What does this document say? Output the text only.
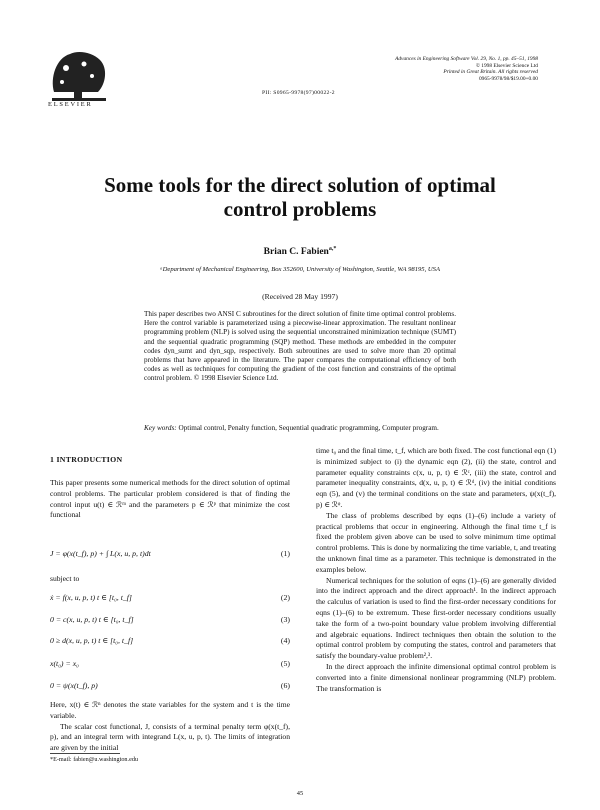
ELSEVIER
Advances in Engineering Software Vol. 29, No. 1, pp. 45–51, 1998
© 1998 Elsevier Science Ltd
Printed in Great Britain. All rights reserved
0965-9978/98/$19.00+0.00
PII: S0965-9978(97)00022-2
Some tools for the direct solution of optimal
control problems
Brian C. Fabien$^{a,*}$
ᵃDepartment of Mechanical Engineering, Box 352600, University of Washington, Seattle, WA 98195, USA
(Received 28 May 1997)
This paper describes two ANSI C subroutines for the direct solution of finite time optimal control problems. Here the control variable is parameterized using a piecewise-linear approximation. The resultant nonlinear programming problem (NLP) is solved using the sequential unconstrained minimization technique (SUMT) and the sequential quadratic programming (SQP) method. These methods are embedded in the computer codes dyn_sumt and dyn_sqp, respectively. Both subroutines are used to solve more than 20 optimal problems that have appeared in the literature. The paper compares the computational efficiency of both codes as well as techniques for computing the gradient of the cost function and constraints of the optimal control problem. © 1998 Elsevier Science Ltd.
Key words: Optimal control, Penalty function, Sequential quadratic programming, Computer program.
1 INTRODUCTION

This paper presents some numerical methods for the direct solution of optimal control problems. The particular problem considered is that of finding the control input u(t) ∈ ℛᵐ and the parameters p ∈ ℛᵖ that minimize the cost functional

J = φ(x(t_f), p) + ∫ L(x, u, p, t)dt	(1)
subject to
ẋ = f(x, u, p, t) t ∈ [t₀, t_f]	(2)
0 = c(x, u, p, t) t ∈ [t₀, t_f]	(3)
0 ≥ d(x, u, p, t) t ∈ [t₀, t_f]	(4)
x(t₀) = x₀	(5)
0 = ψ(x(t_f), p)	(6)

Here, x(t) ∈ ℛⁿ denotes the state variables for the system and t is the time variable.

The scalar cost functional, J, consists of a terminal penalty term φ(x(t_f), p), and an integral term with integrand L(x, u, p, t). The limits of integration are given by the initial

*E-mail: fabien@u.washington.edu

time t₀ and the final time, t_f, which are both fixed. The cost functional eqn (1) is minimized subject to (i) the dynamic eqn (2), (ii) the state, control and parameter equality constraints c(x, u, p, t) ∈ ℛᶜ, (iii) the state, control and parameter inequality constraints, d(x, u, p, t) ∈ ℛᵈ, (iv) the initial conditions eqn (5), and (v) the terminal conditions on the state and parameters, ψ(x(t_f), p) ∈ ℛᵠ.

The class of problems described by eqns (1)–(6) include a variety of practical problems that occur in engineering. Although the final time t_f is fixed the problem given above can be used to solve minimum time optimal control problems. This is done by normalizing the time variable, t, and treating the unknown final time as a parameter. This technique is demonstrated in the examples below.

Numerical techniques for the solution of eqns (1)–(6) are generally divided into the indirect approach and the direct approach¹. In the indirect approach the calculus of variation is used to find the first-order necessary conditions for eqns (1)–(6) to be extremum. These first-order necessary conditions usually take the form of a two-point boundary value problem involving differential and algebraic equations. Indirect techniques then obtain the solution to the optimal control problem by computing the states, control and parameters that satisfy the boundary-value problem²,³.

In the direct approach the infinite dimensional optimal control problem is converted into a finite dimensional nonlinear programming (NLP) problem. The transformation is

45
